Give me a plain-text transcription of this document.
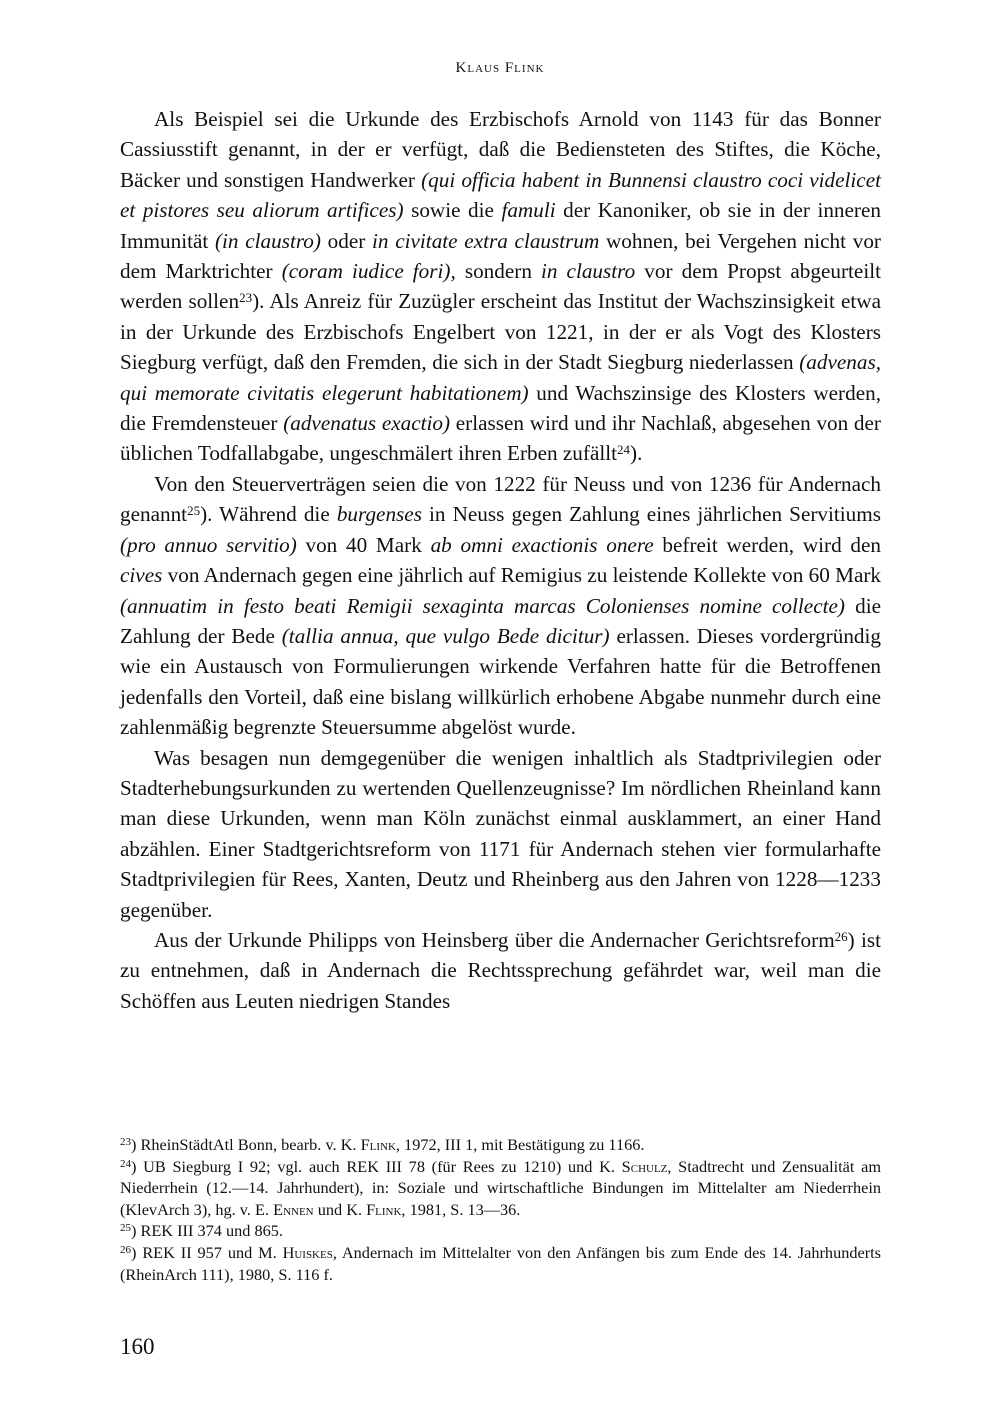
Klaus Flink

Als Beispiel sei die Urkunde des Erzbischofs Arnold von 1143 für das Bonner Cassiusstift genannt, in der er verfügt, daß die Bediensteten des Stiftes, die Köche, Bäcker und sonstigen Handwerker (qui officia habent in Bunnensi claustro coci videlicet et pistores seu aliorum artifices) sowie die famuli der Kanoniker, ob sie in der inneren Immunität (in claustro) oder in civitate extra claustrum wohnen, bei Vergehen nicht vor dem Marktrichter (coram iudice fori), sondern in claustro vor dem Propst abgeurteilt werden sollen$^{23}$). Als Anreiz für Zuzügler erscheint das Institut der Wachszinsigkeit etwa in der Urkunde des Erzbischofs Engelbert von 1221, in der er als Vogt des Klosters Siegburg verfügt, daß den Fremden, die sich in der Stadt Siegburg niederlassen (advenas, qui memorate civitatis elegerunt habitationem) und Wachszinsige des Klosters werden, die Fremdensteuer (advenatus exactio) erlassen wird und ihr Nachlaß, abgesehen von der üblichen Todfallabgabe, ungeschmälert ihren Erben zufällt$^{24}$).

Von den Steuerverträgen seien die von 1222 für Neuss und von 1236 für Andernach genannt$^{25}$). Während die burgenses in Neuss gegen Zahlung eines jährlichen Servitiums (pro annuo servitio) von 40 Mark ab omni exactionis onere befreit werden, wird den cives von Andernach gegen eine jährlich auf Remigius zu leistende Kollekte von 60 Mark (annuatim in festo beati Remigii sexaginta marcas Colonienses nomine collecte) die Zahlung der Bede (tallia annua, que vulgo Bede dicitur) erlassen. Dieses vordergründig wie ein Austausch von Formulierungen wirkende Verfahren hatte für die Betroffenen jedenfalls den Vorteil, daß eine bislang willkürlich erhobene Abgabe nunmehr durch eine zahlenmäßig begrenzte Steuersumme abgelöst wurde.

Was besagen nun demgegenüber die wenigen inhaltlich als Stadtprivilegien oder Stadterhebungsurkunden zu wertenden Quellenzeugnisse? Im nördlichen Rheinland kann man diese Urkunden, wenn man Köln zunächst einmal ausklammert, an einer Hand abzählen. Einer Stadtgerichtsreform von 1171 für Andernach stehen vier formularhafte Stadtprivilegien für Rees, Xanten, Deutz und Rheinberg aus den Jahren von 1228—1233 gegenüber.

Aus der Urkunde Philipps von Heinsberg über die Andernacher Gerichtsreform$^{26}$) ist zu entnehmen, daß in Andernach die Rechtssprechung gefährdet war, weil man die Schöffen aus Leuten niedrigen Standes

$^{23}$) RheinStädtAtl Bonn, bearb. v. K. Flink, 1972, III 1, mit Bestätigung zu 1166.

$^{24}$) UB Siegburg I 92; vgl. auch REK III 78 (für Rees zu 1210) und K. Schulz, Stadtrecht und Zensualität am Niederrhein (12.—14. Jahrhundert), in: Soziale und wirtschaftliche Bindungen im Mittelalter am Niederrhein (KlevArch 3), hg. v. E. Ennen und K. Flink, 1981, S. 13—36.

$^{25}$) REK III 374 und 865.

$^{26}$) REK II 957 und M. Huiskes, Andernach im Mittelalter von den Anfängen bis zum Ende des 14. Jahrhunderts (RheinArch 111), 1980, S. 116 f.

160
